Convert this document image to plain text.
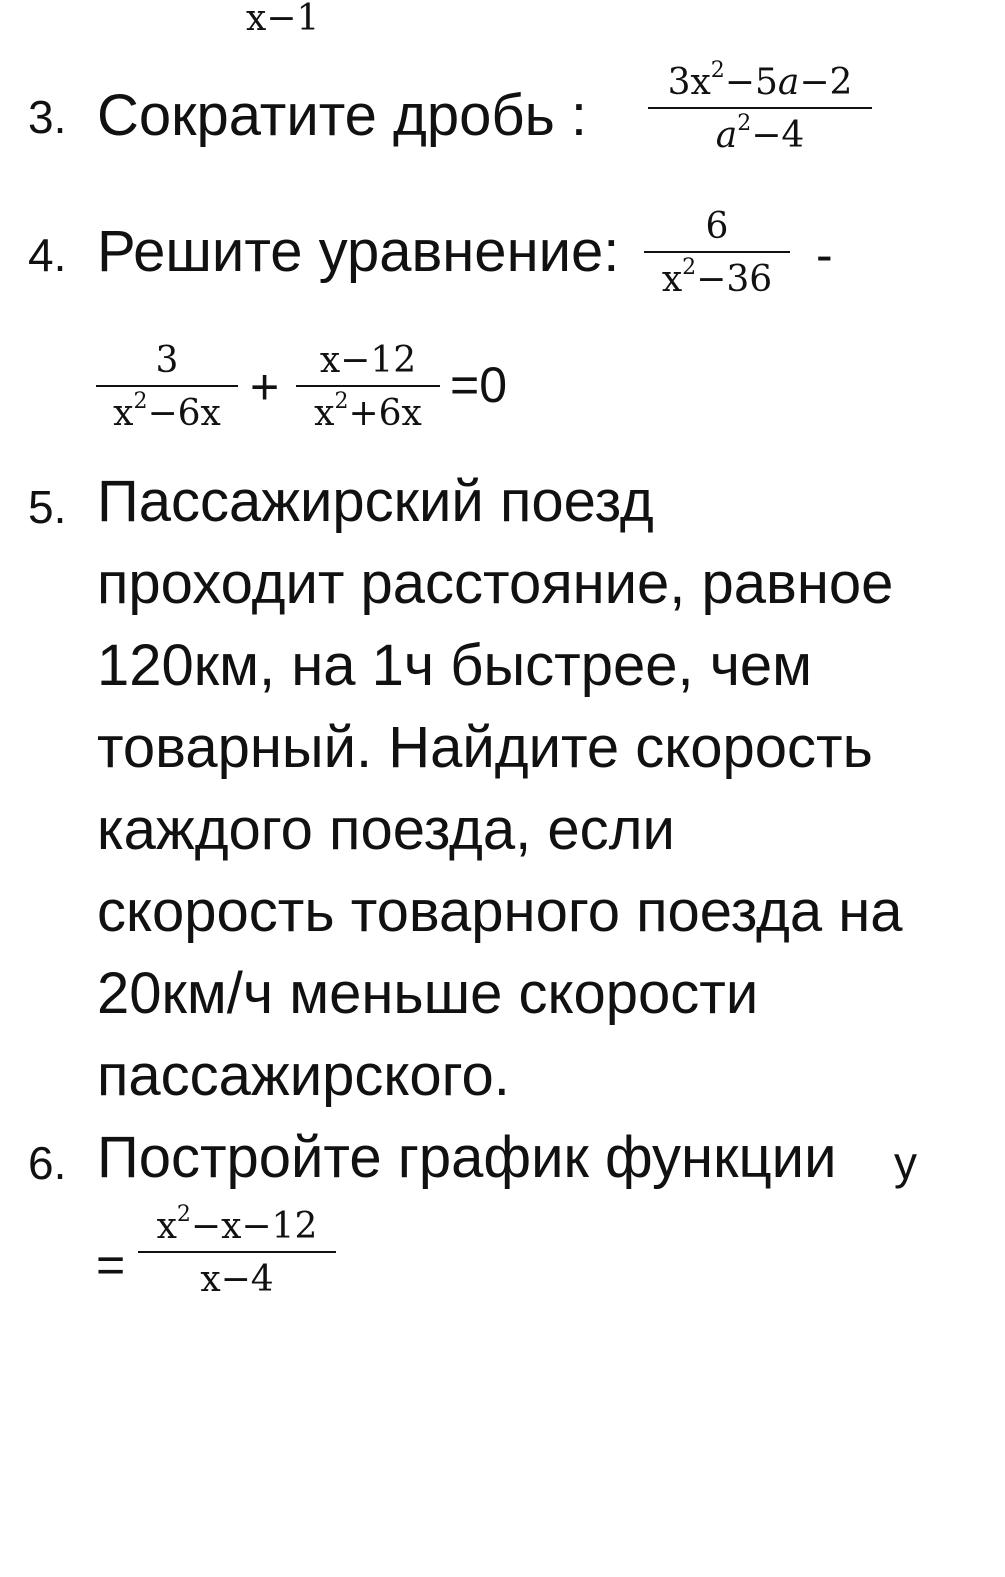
x−1
3. Сократите дробь :
$3x^2-5a-2$
$a^2-4$
4. Решите уравнение:	6
$x^2-36$ -
3
$x^2-6x$ +	x−12
$x^2+6x$
=0
5. Пассажирский поезд
проходит расстояние, равное
120км, на 1ч быстрее, чем
товарный. Найдите скорость
каждого поезда, если
скорость товарного поезда на
20км/ч меньше скорости
пассажирского.
6. Постройте график функции y
=
$x^2-x-12$
x−4
